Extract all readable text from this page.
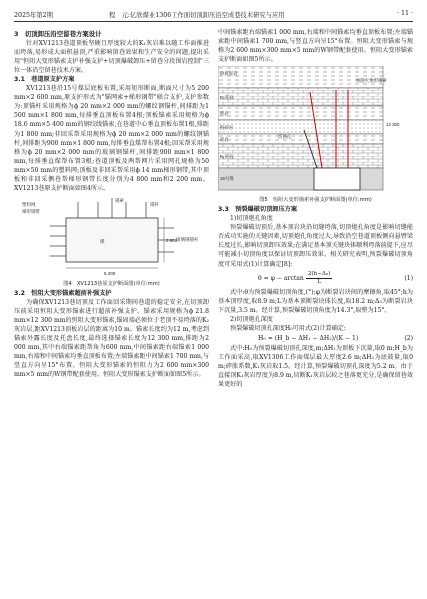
2025年第2期	程　元:亿欣煤业1306工作面切顶卸压沿空成巷技术研究与应用	· 11 ·

3　切顶卸压沿空留巷方案设计

针对XV1213巷道顶板坚硬且厚度较大的K₁灰岩难以随工作面推进而垮落,易形成大面积悬顶,严重影响留巷效果和生产安全的问题,提出采用"恒阻大变形锚索支护补强支护+切顶爆破卸压+留巷分段围岩控制"三位一体沿空留巷技术方案。

3.1　巷道原支护方案

XV1213巷沿15号煤层底板布置,采用矩形断面,断面尺寸为5 200 mm×2 600 mm,原支护形式为"锚网索+梯形钢带"联合支护,支护参数为:顶锚杆采用规格为ϕ 20 mm×2 000 mm的螺纹钢锚杆,间排距为1 500 mm×1 800 mm,每排垂直顶板布置4根;顶板锚索采用规格为ϕ 18.6 mm×5 400 mm的钢绞线锚索,在巷道中心垂直顶板布置1根,排距为1 800 mm;非回采帮采用规格为ϕ 20 mm×2 000 mm的螺纹钢锚杆,间排距为900 mm×1 800 mm,每排垂直煤帮布置4根;回采帮采用规格为ϕ 20 mm×2 000 mm的玻璃钢锚杆,间排距900 mm×1 800 mm,每排垂直煤帮布置3根;巷道顶板及两帮网片采用网孔规格为50 mm×50 mm的塑料网;顶板及非回采帮采用ϕ 14 mm梯形钢带,其中顶板和非回采侧巷帮梯形钢带长度分别为4 800 mm和2 200 mm。XV1213巷原支护断面如图4所示。

塑料网
梯形钢带
煤
锚索
锚杆
玻璃钢锚杆
2 600
5 200

图4　XV1213巷原支护断面图(单位:mm)

3.2　恒阻大变形锚索超前补强支护

为确保XV1213巷切顶及工作面回采期间巷道的稳定安全,在切顶卸压前采用恒阻大变形锚索进行超前补强支护。锚索采用规格为ϕ 21.8 mm×12 300 mm的恒阻大变形锚索,锚固端必须位于老顶不易垮落的K₂灰岩层,距XV1213顶板岩层的距离为10 m。锚索长度约为12 m,考虑到锚索外露长度及托盘长度,最终选择锚索长度为12 300 mm,排距为2 000 mm,其中右端锚索距帮角为600 mm,中间锚索距右端锚索1 000 mm,右端和中间锚索均垂直顶板布置;左端锚索距中间锚索1 700 mm,与竖直方向呈15°布置。恒阻大变形锚索的恒阻力为2 600 mm×300 mm×5 mm的W钢带配套使用。恒阻大变形锚索支护断面如图5所示。

中间锚索距右端锚索1 000 mm,右端和中间锚索均垂直顶板布置;左端锚索距中间锚索1 700 mm,与竖直方向呈15°布置。恒阻大变形锚索与规格为2 600 mm×300 mm×5 mm的W钢带配套使用。恒阻大变形锚索支护断面如图5所示。

砂质泥岩
K₂灰岩
泥岩
粉砂岩
泥岩
K₁灰岩
15号煤
恒阻大变形锚索
切顶孔
12 300

图5　恒阻大变形锚索补强支护断面图(单位:mm)

3.3　预裂爆破切顶卸压方案

1)切顶炮孔角度

预裂爆破切顶后,基本顶岩块沿切缝垮落,切顶炮孔角度是影响切缝能否成功实施的关键因素,切顶炮孔角度过大,导致沿空巷道顶板侧向悬臂梁长度过长,影响切顶卸压效果;在满足基本顶关键块体顺利垮落前提下,应尽可能减小切顶角度以保证切顶卸压效果。相关研究表明,预裂爆破切顶角度可采用式(1)计算确定[8]:

$\theta = \varphi - \arctan \frac{\text{2(h−Δ₀)}}{L}$	(1)

式中:θ为预裂爆破切顶角度,(°);φ为断裂岩块间的摩擦角,取45°;h为基本顶厚度,取8.9 m;L为基本顶断裂块体长度,取18.2 m;Δ₀为断裂岩块下沉量,3.5 m。经计算,预裂爆破切顶角度为14.3°,取整为15°。

2)切顶炮孔深度

预裂爆破切顶孔深度H₀可用式(2)计算确定:

H₀ = (H_b − ΔH₁ − ΔH₂)/(K − 1)	(2)

式中:H₀为预裂爆破切顶孔深度,m;ΔH₁为顶板下沉量,取0 m;H_b为工作面采高,取XV1306工作面煤层最大厚度2.6 m;ΔH₂为底鼓量,取0 m;碎胀系数,K₁灰岩取1.5。经计算,预裂爆破切顶孔深度为5.2 m。由于直接顶K₁灰岩厚度为8.9 m,切断K₁灰岩层较之巷落更充分,是确保留巷效果更好的
